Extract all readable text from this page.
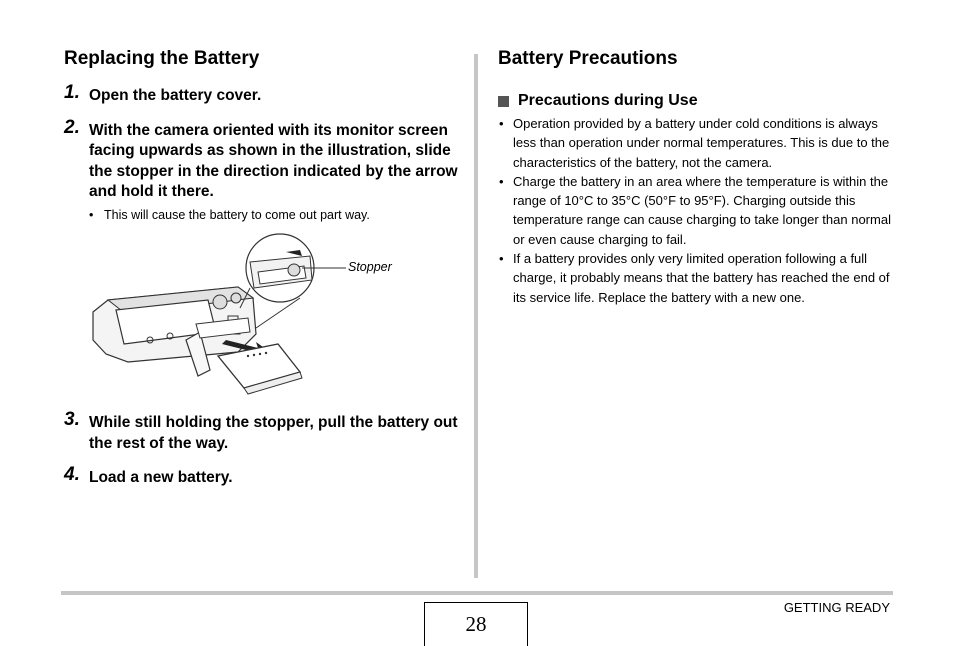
Replacing the Battery
1. Open the battery cover.
2. With the camera oriented with its monitor screen facing upwards as shown in the illustration, slide the stopper in the direction indicated by the arrow and hold it there.
• This will cause the battery to come out part way.
3. While still holding the stopper, pull the battery out the rest of the way.
4. Load a new battery.
Stopper
Battery Precautions
Precautions during Use
• Operation provided by a battery under cold conditions is always less than operation under normal temperatures. This is due to the characteristics of the battery, not the camera.
• Charge the battery in an area where the temperature is within the range of 10°C to 35°C (50°F to 95°F). Charging outside this temperature range can cause charging to take longer than normal or even cause charging to fail.
• If a battery provides only very limited operation following a full charge, it probably means that the battery has reached the end of its service life. Replace the battery with a new one.
28
GETTING READY
